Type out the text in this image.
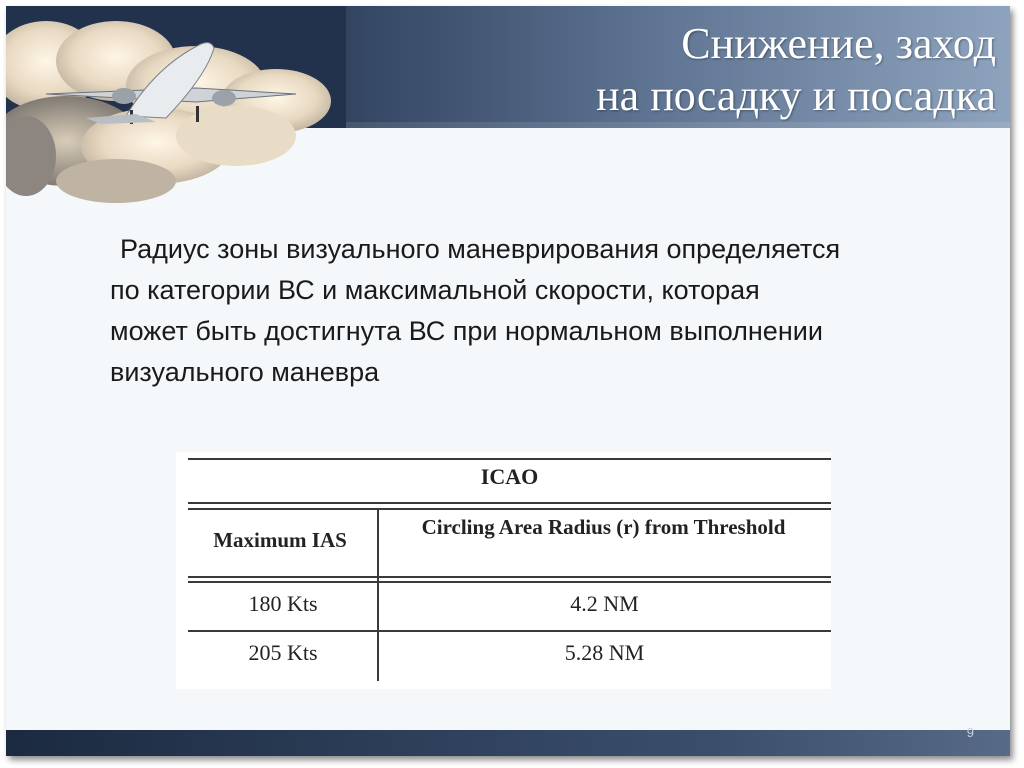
Снижение, заход
на посадку и посадка
Радиус зоны визуального маневрирования определяется
по категории ВС и максимальной скорости, которая
может быть достигнута ВС при нормальном выполнении
визуального маневра
ICAO
Maximum IAS
Circling Area Radius (r) from Threshold
180 Kts	4.2 NM
205 Kts	5.28 NM
9
